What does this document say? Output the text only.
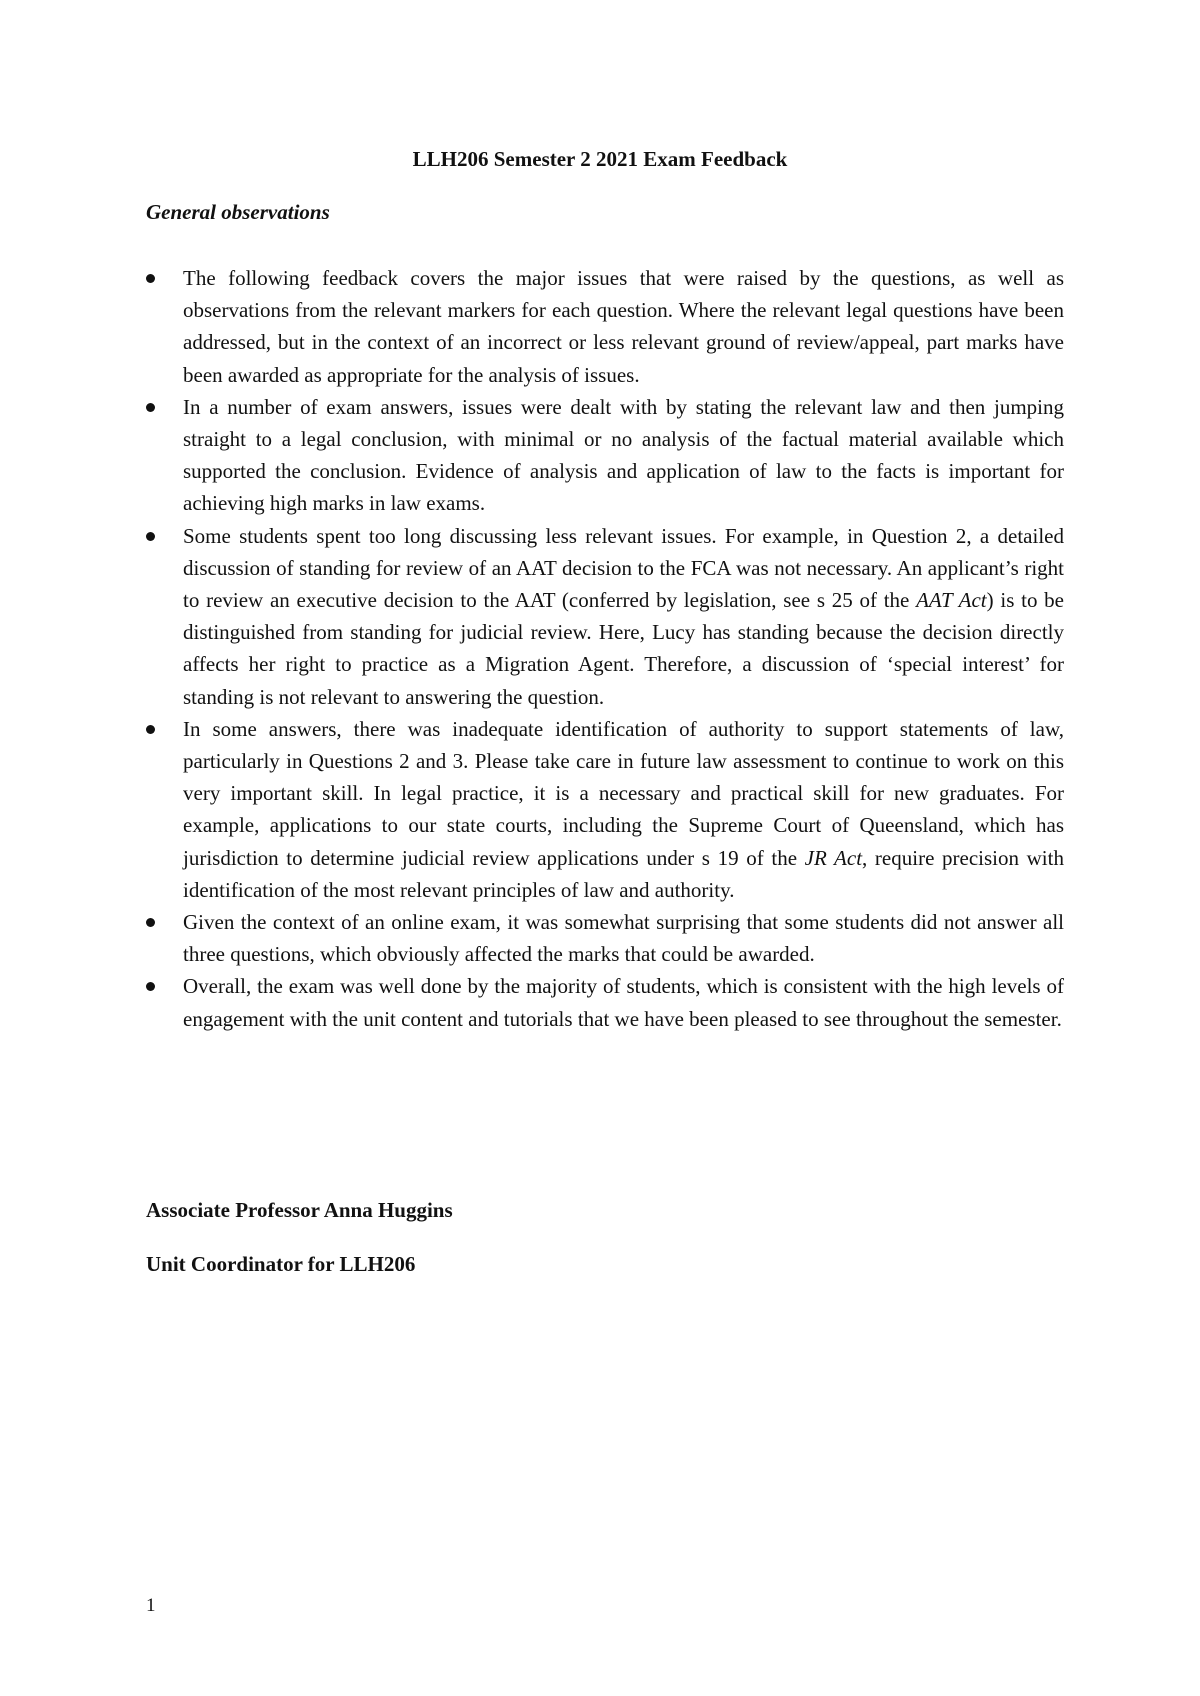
LLH206 Semester 2 2021 Exam Feedback
General observations
The following feedback covers the major issues that were raised by the questions, as well as observations from the relevant markers for each question. Where the relevant legal questions have been addressed, but in the context of an incorrect or less relevant ground of review/appeal, part marks have been awarded as appropriate for the analysis of issues.
In a number of exam answers, issues were dealt with by stating the relevant law and then jumping straight to a legal conclusion, with minimal or no analysis of the factual material available which supported the conclusion. Evidence of analysis and application of law to the facts is important for achieving high marks in law exams.
Some students spent too long discussing less relevant issues. For example, in Question 2, a detailed discussion of standing for review of an AAT decision to the FCA was not necessary. An applicant’s right to review an executive decision to the AAT (conferred by legislation, see s 25 of the AAT Act) is to be distinguished from standing for judicial review. Here, Lucy has standing because the decision directly affects her right to practice as a Migration Agent. Therefore, a discussion of ‘special interest’ for standing is not relevant to answering the question.
In some answers, there was inadequate identification of authority to support statements of law, particularly in Questions 2 and 3. Please take care in future law assessment to continue to work on this very important skill. In legal practice, it is a necessary and practical skill for new graduates. For example, applications to our state courts, including the Supreme Court of Queensland, which has jurisdiction to determine judicial review applications under s 19 of the JR Act, require precision with identification of the most relevant principles of law and authority.
Given the context of an online exam, it was somewhat surprising that some students did not answer all three questions, which obviously affected the marks that could be awarded.
Overall, the exam was well done by the majority of students, which is consistent with the high levels of engagement with the unit content and tutorials that we have been pleased to see throughout the semester.
Associate Professor Anna Huggins
Unit Coordinator for LLH206
1
